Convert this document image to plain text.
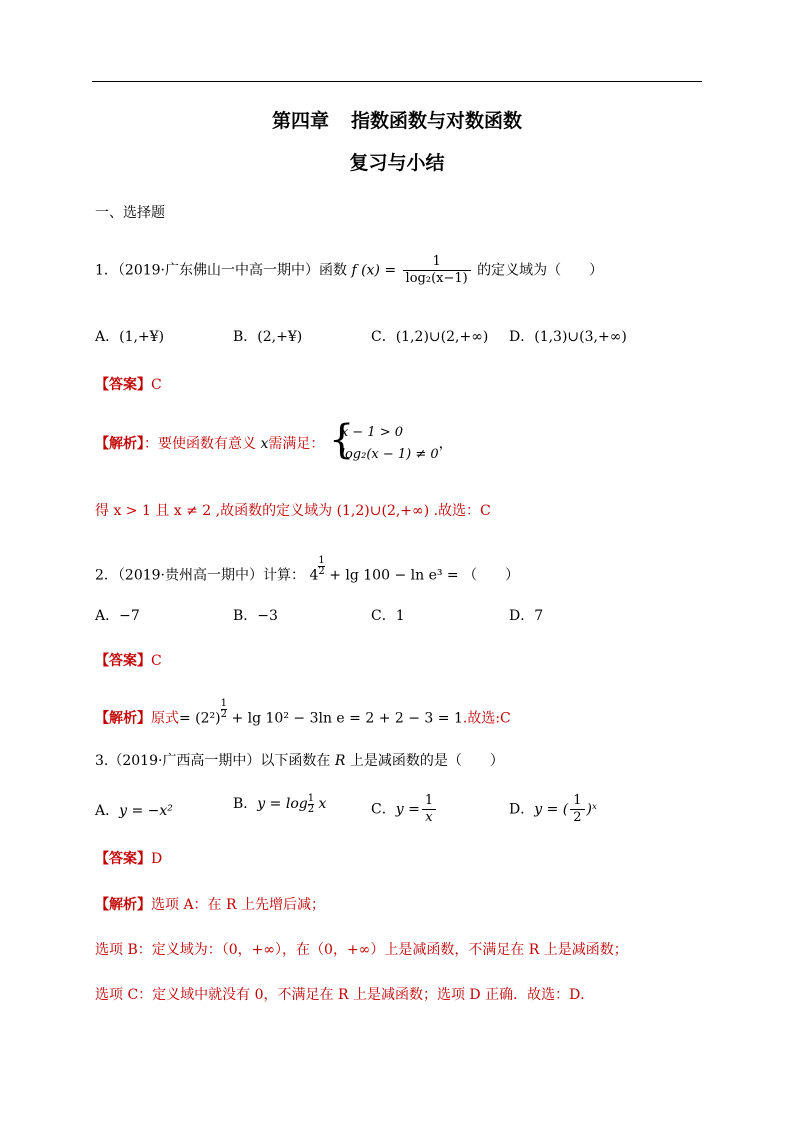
第四章 指数函数与对数函数
复习与小结
一、选择题
1．（2019·广东佛山一中高一期中）函数 f $(x) = \frac{1}{\text{log₂(x−1)}}$ 的定义域为（　　）
A．(1,+¥)	B．(2,+¥)	C．(1,2)∪(2,+∞) D．(1,3)∪(3,+∞)
【答案】C
【解析】：要使函数有意义 x需满足： {
x − 1 > 0
log₂(x − 1) ≠ 0
，
得 x > 1 且 x ≠ 2 ,故函数的定义域为 (1,2)∪(2,+∞) .故选：C
2．（2019·贵州高一期中）计算： $4 \frac{1}{2} + \lg 100 - \ln e^3$ = （　　）
A．−7	B．−3	C．1	D．7
【答案】C
【解析】原式= $(2^2) \frac{1}{2} + \lg 10^2 - 3\ln$ e = 2 + 2 − 3 = 1.故选:C
3.（2019·广西高一期中）以下函数在 R 上是减函数的是（　　）
A．y = −x²	B．$y = \log \frac{1}{2}$ x	C．$y = \frac{1}{x}$	D．y = ( $\frac{1}{2}$ )ˣ
【答案】D
【解析】选项 A：在 R 上先增后减；
选项 B：定义域为：（0，+∞），在（0，+∞）上是减函数，不满足在 R 上是减函数；
选项 C：定义域中就没有 0，不满足在 R 上是减函数；选项 D 正确．故选：D．
